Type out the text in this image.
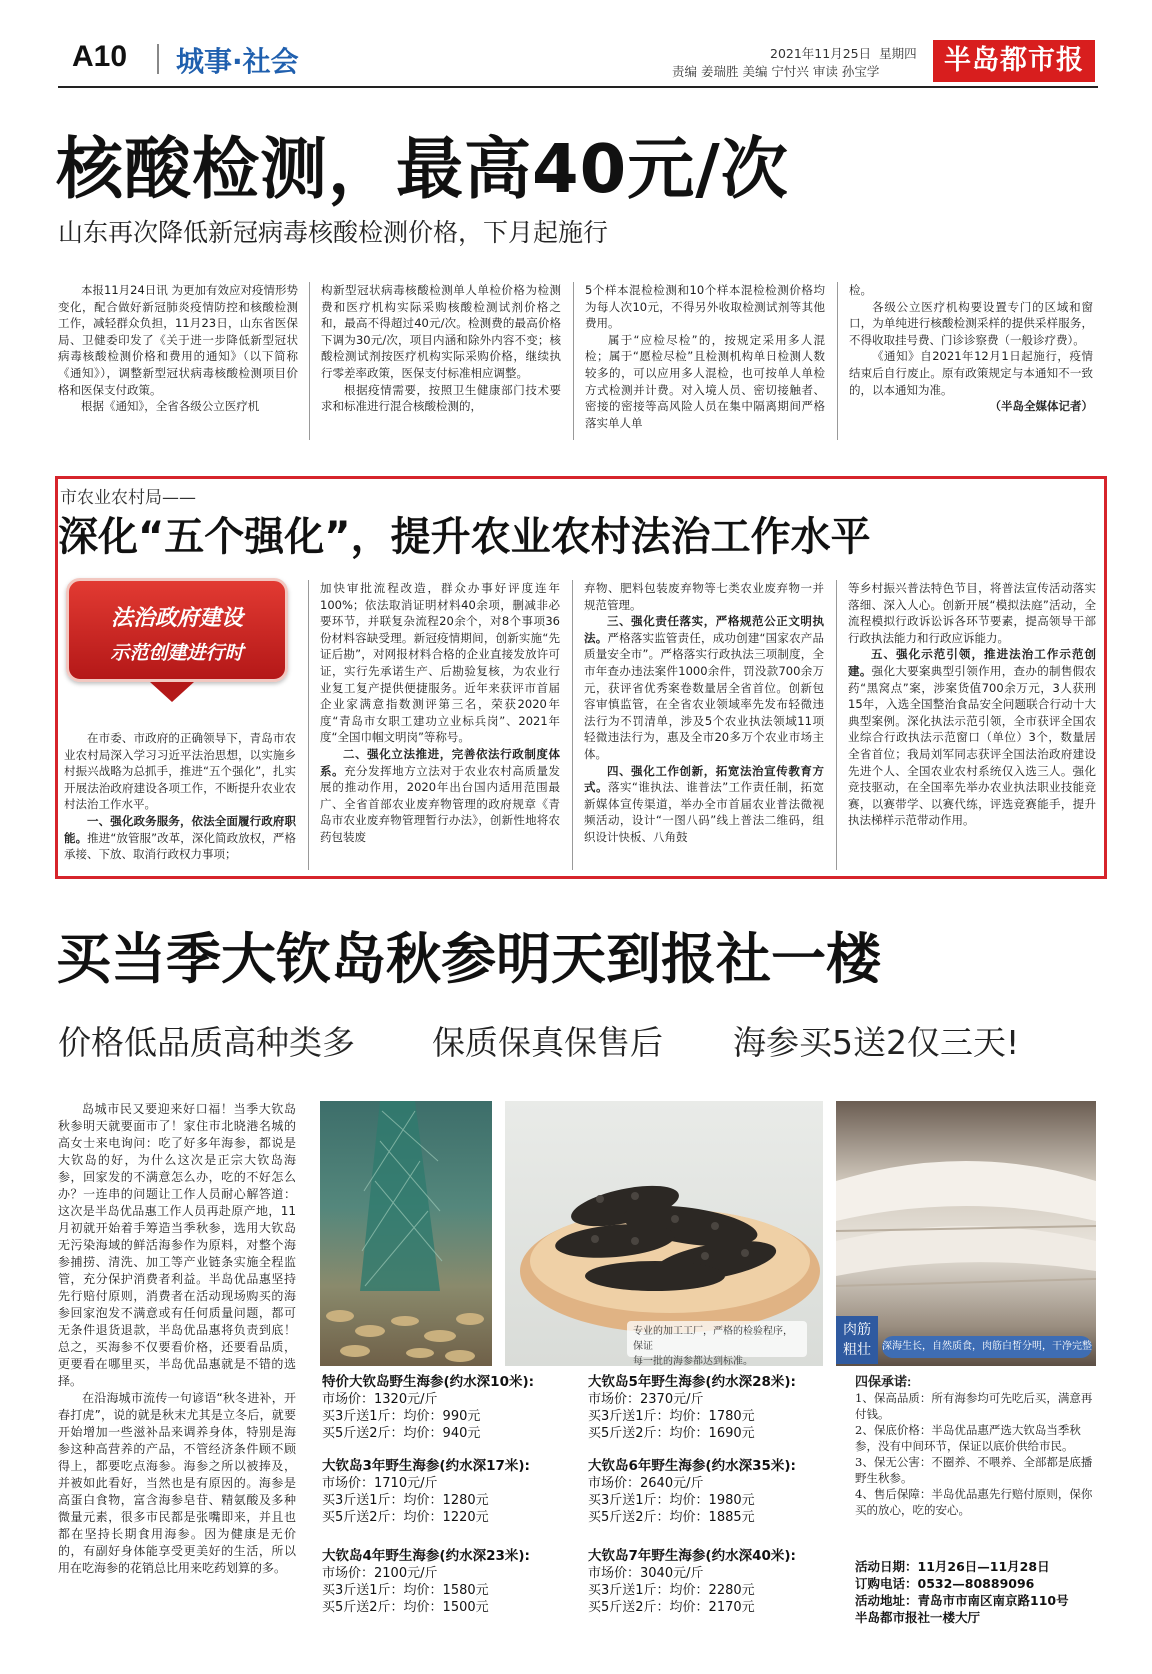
A10 城事·社会	2021年11月25日 星期四
责编 姜瑞胜 美编 宁忖兴 审读 孙宝学	半岛都市报
核酸检测，最高40元/次
山东再次降低新冠病毒核酸检测价格，下月起施行

本报11月24日讯 为更加有效应对疫情形势变化，配合做好新冠肺炎疫情防控和核酸检测工作，减轻群众负担，11月23日，山东省医保局、卫健委印发了《关于进一步降低新型冠状病毒核酸检测价格和费用的通知》（以下简称《通知》），调整新型冠状病毒核酸检测项目价格和医保支付政策。

根据《通知》，全省各级公立医疗机

构新型冠状病毒核酸检测单人单检价格为检测费和医疗机构实际采购核酸检测试剂价格之和，最高不得超过40元/次。检测费的最高价格下调为30元/次，项目内涵和除外内容不变；核酸检测试剂按医疗机构实际采购价格，继续执行零差率政策，医保支付标准相应调整。

根据疫情需要，按照卫生健康部门技术要求和标准进行混合核酸检测的，

5个样本混检检测和10个样本混检检测价格均为每人次10元，不得另外收取检测试剂等其他费用。

属于“应检尽检”的，按规定采用多人混检；属于“愿检尽检”且检测机构单日检测人数较多的，可以应用多人混检，也可按单人单检方式检测并计费。对入境人员、密切接触者、密接的密接等高风险人员在集中隔离期间严格落实单人单

检。

各级公立医疗机构要设置专门的区域和窗口，为单纯进行核酸检测采样的提供采样服务，不得收取挂号费、门诊诊察费（一般诊疗费）。

《通知》自2021年12月1日起施行，疫情结束后自行废止。原有政策规定与本通知不一致的，以本通知为准。

（半岛全媒体记者）
市农业农村局——
深化“五个强化”，提升农业农村法治工作水平
法治政府建设
示范创建进行时

在市委、市政府的正确领导下，青岛市农业农村局深入学习习近平法治思想，以实施乡村振兴战略为总抓手，推进“五个强化”，扎实开展法治政府建设各项工作，不断提升农业农村法治工作水平。

一、强化政务服务，依法全面履行政府职能。推进“放管服”改革，深化简政放权，严格承接、下放、取消行政权力事项；

加快审批流程改造，群众办事好评度连年100%；依法取消证明材料40余项，删减非必要环节，并联复杂流程20余个，对8个事项36份材料容缺受理。新冠疫情期间，创新实施“先证后勘”，对网报材料合格的企业直接发放许可证，实行先承诺生产、后勘验复核，为农业行业复工复产提供便捷服务。近年来获评市首届企业家满意指数测评第三名，荣获2020年度“青岛市女职工建功立业标兵岗”、2021年度“全国巾帼文明岗”等称号。

二、强化立法推进，完善依法行政制度体系。充分发挥地方立法对于农业农村高质量发展的推动作用，2020年出台国内适用范围最广、全省首部农业废弃物管理的政府规章《青岛市农业废弃物管理暂行办法》，创新性地将农药包装废

弃物、肥料包装废弃物等七类农业废弃物一并规范管理。

三、强化责任落实，严格规范公正文明执法。严格落实监管责任，成功创建“国家农产品质量安全市”。严格落实行政执法三项制度，全市年查办违法案件1000余件，罚没款700余万元，获评省优秀案卷数量居全省首位。创新包容审慎监管，在全省农业领域率先发布轻微违法行为不罚清单，涉及5个农业执法领域11项轻微违法行为，惠及全市20多万个农业市场主体。

四、强化工作创新，拓宽法治宣传教育方式。落实“谁执法、谁普法”工作责任制，拓宽新媒体宣传渠道，举办全市首届农业普法微视频活动，设计“一图八码”线上普法二维码，组织设计快板、八角鼓

等乡村振兴普法特色节目，将普法宣传活动落实落细、深入人心。创新开展“模拟法庭”活动，全流程模拟行政诉讼诉各环节要素，提高领导干部行政执法能力和行政应诉能力。

五、强化示范引领，推进法治工作示范创建。强化大要案典型引领作用，查办的制售假农药“黑窝点”案，涉案货值700余万元，3人获刑15年，入选全国整治食品安全问题联合行动十大典型案例。深化执法示范引领，全市获评全国农业综合行政执法示范窗口（单位）3个，数量居全省首位；我局刘军同志获评全国法治政府建设先进个人、全国农业农村系统仅入选三人。强化竞技驱动，在全国率先举办农业执法职业技能竞赛，以赛带学、以赛代练，评选竞赛能手，提升执法梯样示范带动作用。

买当季大钦岛秋参明天到报社一楼
价格低品质高种类多 保质保真保售后 海参买5送2仅三天!

岛城市民又要迎来好口福！当季大钦岛秋参明天就要面市了！家住市北晓港名城的高女士来电询问：吃了好多年海参，都说是大钦岛的好，为什么这次是正宗大钦岛海参，回家发的不满意怎么办，吃的不好怎么办？一连串的问题让工作人员耐心解答道：这次是半岛优品惠工作人员再赴原产地，11月初就开始着手筹造当季秋参，选用大钦岛无污染海域的鲜活海参作为原料，对整个海参捕捞、清洗、加工等产业链条实施全程监管，充分保护消费者利益。半岛优品惠坚持先行赔付原则，消费者在活动现场购买的海参回家泡发不满意或有任何质量问题，都可无条件退货退款，半岛优品惠将负责到底！总之，买海参不仅要看价格，还要看品质，更要看在哪里买，半岛优品惠就是不错的选择。

在沿海城市流传一句谚语“秋冬进补，开春打虎”，说的就是秋末尤其是立冬后，就要开始增加一些滋补品来调养身体，特别是海参这种高营养的产品，不管经济条件顾不顾得上，都要吃点海参。海参之所以被捧及，并被如此看好，当然也是有原因的。海参是高蛋白食物，富含海参皂苷、精氨酸及多种微量元素，很多市民都是张嘴即来，并且也都在坚持长期食用海参。因为健康是无价的，有副好身体能享受更美好的生活，所以用在吃海参的花销总比用来吃药划算的多。

专业的加工工厂，严格的检验程序，保证
每一批的海参都达到标准。
肉筋
粗壮	深海生长，自然质食，肉筋白皙分明，干净完整
特价大钦岛野生海参(约水深10米):
市场价：1320元/斤
买3斤送1斤：均价：990元
买5斤送2斤：均价：940元
大钦岛3年野生海参(约水深17米):
市场价：1710元/斤
买3斤送1斤：均价：1280元
买5斤送2斤：均价：1220元
大钦岛4年野生海参(约水深23米):
市场价：2100元/斤
买3斤送1斤：均价：1580元
买5斤送2斤：均价：1500元
大钦岛5年野生海参(约水深28米):
市场价：2370元/斤
买3斤送1斤：均价：1780元
买5斤送2斤：均价：1690元
大钦岛6年野生海参(约水深35米):
市场价：2640元/斤
买3斤送1斤：均价：1980元
买5斤送2斤：均价：1885元
大钦岛7年野生海参(约水深40米):
市场价：3040元/斤
买3斤送1斤：均价：2280元
买5斤送2斤：均价：2170元
四保承诺:
1、保高品质：所有海参均可先吃后买，满意再付钱。
2、保底价格：半岛优品惠严选大钦岛当季秋参，没有中间环节，保证以底价供给市民。
3、保无公害：不圈养、不喂养、全部都是底播野生秋参。
4、售后保障：半岛优品惠先行赔付原则，保你买的放心，吃的安心。
活动日期：11月26日—11月28日
订购电话：0532—80889096
活动地址：青岛市市南区南京路110号
半岛都市报社一楼大厅
